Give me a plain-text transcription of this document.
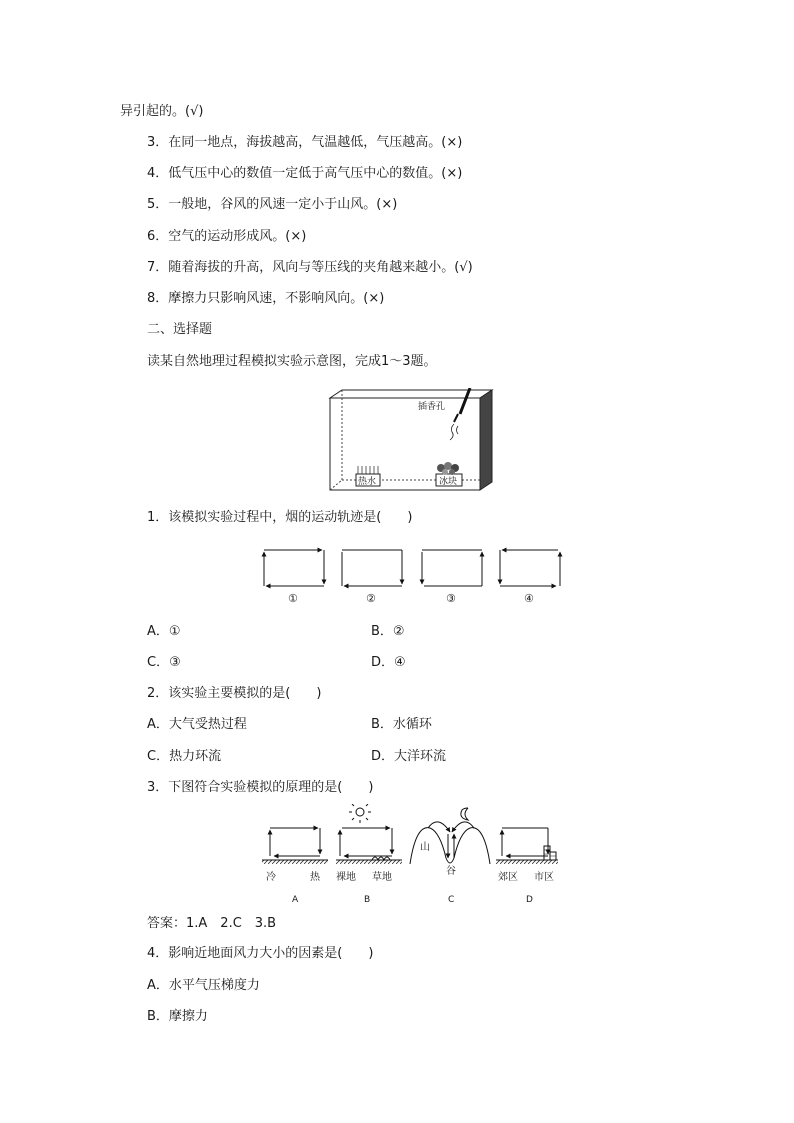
异引起的。(√)
3．在同一地点，海拔越高，气温越低，气压越高。(×)
4．低气压中心的数值一定低于高气压中心的数值。(×)
5．一般地，谷风的风速一定小于山风。(×)
6．空气的运动形成风。(×)
7．随着海拔的升高，风向与等压线的夹角越来越小。(√)
8．摩擦力只影响风速，不影响风向。(×)
二、选择题
读某自然地理过程模拟实验示意图，完成1～3题。
插香孔
热水	冰块
1．该模拟实验过程中，烟的运动轨迹是(　　)
①	②	③	④
A．①	B．②
C．③	D．④
2．该实验主要模拟的是(　　)
A．大气受热过程	B．水循环
C．热力环流	D．大洋环流
3．下图符合实验模拟的原理的是(　　)
冷	热
A
裸地 草地
B
山
谷
C
郊区 市区
D
答案：1.A　2.C　3.B
4．影响近地面风力大小的因素是(　　)
A．水平气压梯度力
B．摩擦力
